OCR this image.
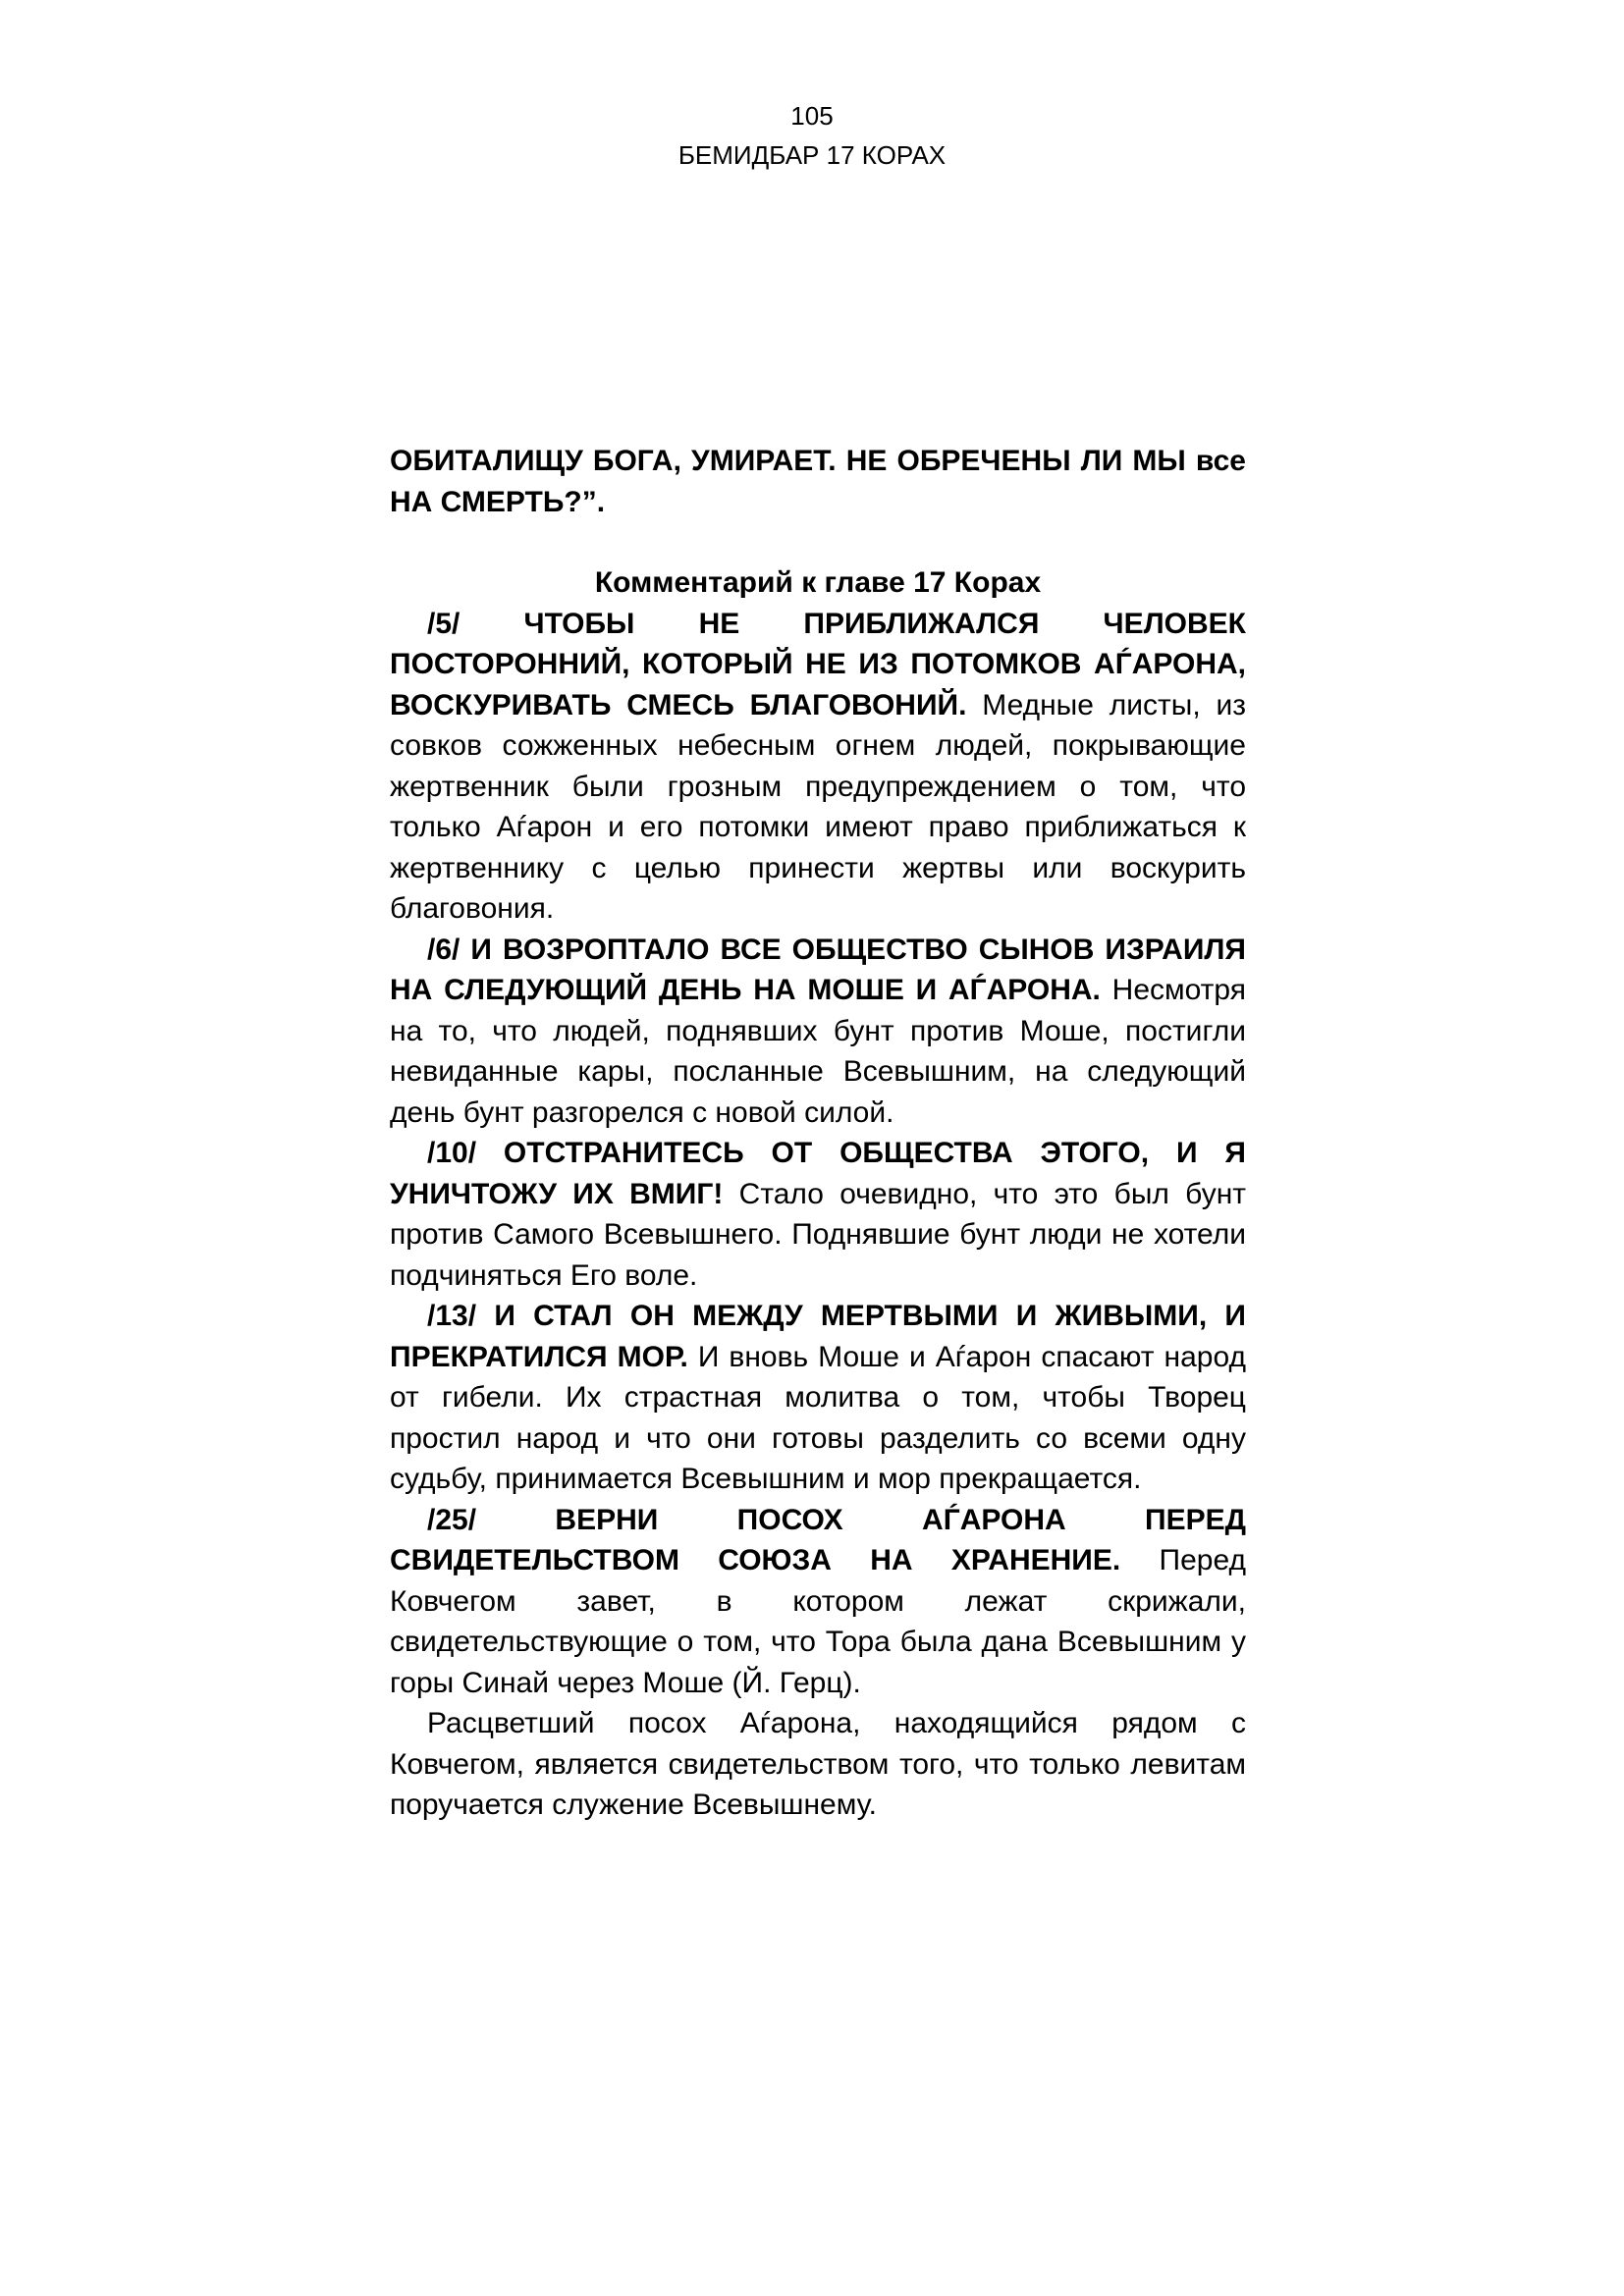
105
БЕМИДБАР 17 КОРАХ

ОБИТАЛИЩУ БОГА, УМИРАЕТ. НЕ ОБРЕЧЕНЫ ЛИ МЫ все НА СМЕРТЬ?”.

Комментарий к главе 17 Корах

/5/ ЧТОБЫ НЕ ПРИБЛИЖАЛСЯ ЧЕЛОВЕК ПОСТОРОННИЙ, КОТОРЫЙ НЕ ИЗ ПОТОМКОВ АЃАРОНА, ВОСКУРИВАТЬ СМЕСЬ БЛАГОВОНИЙ. Медные листы, из совков сожженных небесным огнем людей, покрывающие жертвенник были грозным предупреждением о том, что только Аѓарон и его потомки имеют право приближаться к жертвеннику с целью принести жертвы или воскурить благовония.

/6/ И ВОЗРОПТАЛО ВСЕ ОБЩЕСТВО СЫНОВ ИЗРАИЛЯ НА СЛЕДУЮЩИЙ ДЕНЬ НА МОШЕ И АЃАРОНА. Несмотря на то, что людей, поднявших бунт против Моше, постигли невиданные кары, посланные Всевышним, на следующий день бунт разгорелся с новой силой.

/10/ ОТСТРАНИТЕСЬ ОТ ОБЩЕСТВА ЭТОГО, И Я УНИЧТОЖУ ИХ ВМИГ! Стало очевидно, что это был бунт против Самого Всевышнего. Поднявшие бунт люди не хотели подчиняться Его воле.

/13/ И СТАЛ ОН МЕЖДУ МЕРТВЫМИ И ЖИВЫМИ, И ПРЕКРАТИЛСЯ МОР. И вновь Моше и Аѓарон спасают народ от гибели. Их страстная молитва о том, чтобы Творец простил народ и что они готовы разделить со всеми одну судьбу, принимается Всевышним и мор прекращается.

/25/ ВЕРНИ ПОСОХ АЃАРОНА ПЕРЕД СВИДЕТЕЛЬСТВОМ СОЮЗА НА ХРАНЕНИЕ. Перед Ковчегом завет, в котором лежат скрижали, свидетельствующие о том, что Тора была дана Всевышним у горы Синай через Моше (Й. Герц).

Расцветший посох Аѓарона, находящийся рядом с Ковчегом, является свидетельством того, что только левитам поручается служение Всевышнему.
